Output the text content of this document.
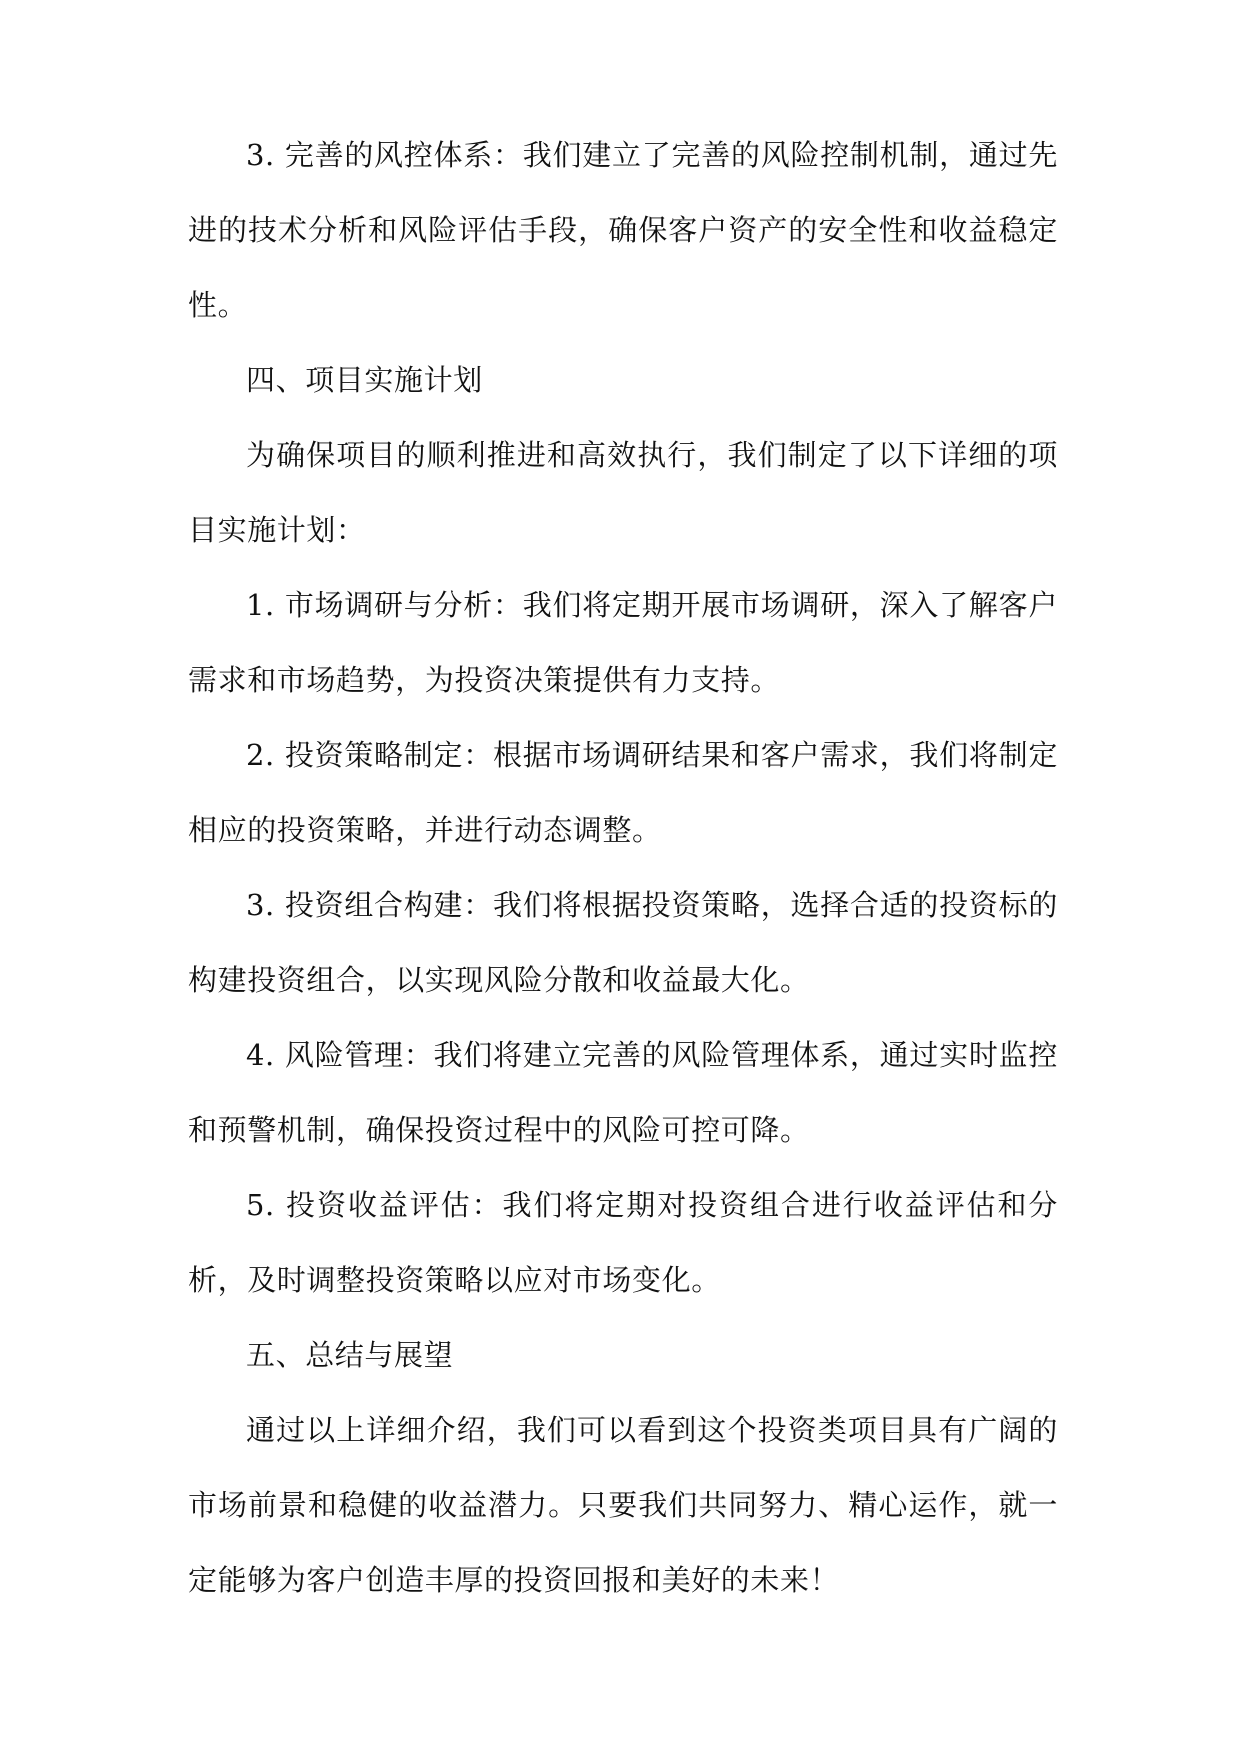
3. 完善的风控体系：我们建立了完善的风险控制机制，通过先进的技术分析和风险评估手段，确保客户资产的安全性和收益稳定性。

四、项目实施计划

为确保项目的顺利推进和高效执行，我们制定了以下详细的项目实施计划：

1. 市场调研与分析：我们将定期开展市场调研，深入了解客户需求和市场趋势，为投资决策提供有力支持。

2. 投资策略制定：根据市场调研结果和客户需求，我们将制定相应的投资策略，并进行动态调整。

3. 投资组合构建：我们将根据投资策略，选择合适的投资标的构建投资组合，以实现风险分散和收益最大化。

4. 风险管理：我们将建立完善的风险管理体系，通过实时监控和预警机制，确保投资过程中的风险可控可降。

5. 投资收益评估：我们将定期对投资组合进行收益评估和分析，及时调整投资策略以应对市场变化。

五、总结与展望

通过以上详细介绍，我们可以看到这个投资类项目具有广阔的市场前景和稳健的收益潜力。只要我们共同努力、精心运作，就一定能够为客户创造丰厚的投资回报和美好的未来！
